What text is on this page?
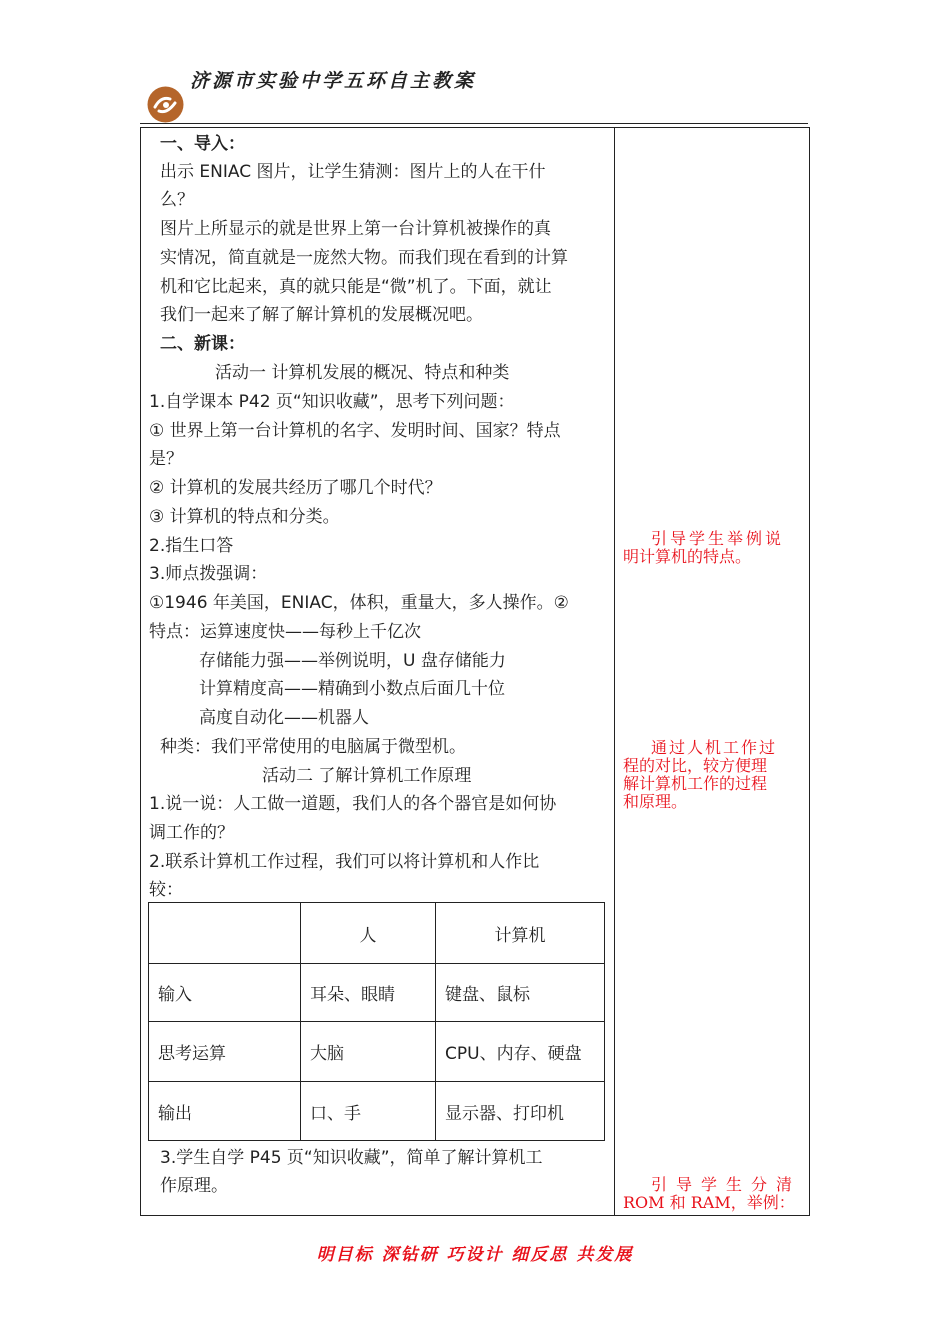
济源市实验中学五环自主教案
一、导入：
出示 ENIAC 图片，让学生猜测：图片上的人在干什
么？
图片上所显示的就是世界上第一台计算机被操作的真
实情况，简直就是一庞然大物。而我们现在看到的计算
机和它比起来，真的就只能是“微”机了。下面，就让
我们一起来了解了解计算机的发展概况吧。
二、新课：
活动一 计算机发展的概况、特点和种类
1.自学课本 P42 页“知识收藏”，思考下列问题：
① 世界上第一台计算机的名字、发明时间、国家？特点
是？
② 计算机的发展共经历了哪几个时代？
③ 计算机的特点和分类。
2.指生口答
3.师点拨强调：
①1946 年美国，ENIAC，体积，重量大，多人操作。②
特点：运算速度快——每秒上千亿次
存储能力强——举例说明，U 盘存储能力
计算精度高——精确到小数点后面几十位
高度自动化——机器人
种类：我们平常使用的电脑属于微型机。
活动二 了解计算机工作原理
1.说一说：人工做一道题，我们人的各个器官是如何协
调工作的？
2.联系计算机工作过程，我们可以将计算机和人作比
较：
	人	计算机
输入	耳朵、眼睛	键盘、鼠标
思考运算	大脑	CPU、内存、硬盘
输出	口、手	显示器、打印机
3.学生自学 P45 页“知识收藏”，简单了解计算机工
作原理。
引导学生举例说
明计算机的特点。
通过人机工作过
程的对比，较方便理
解计算机工作的过程
和原理。
引导学生分清
ROM 和 RAM，举例：
明目标 深钻研 巧设计 细反思 共发展
